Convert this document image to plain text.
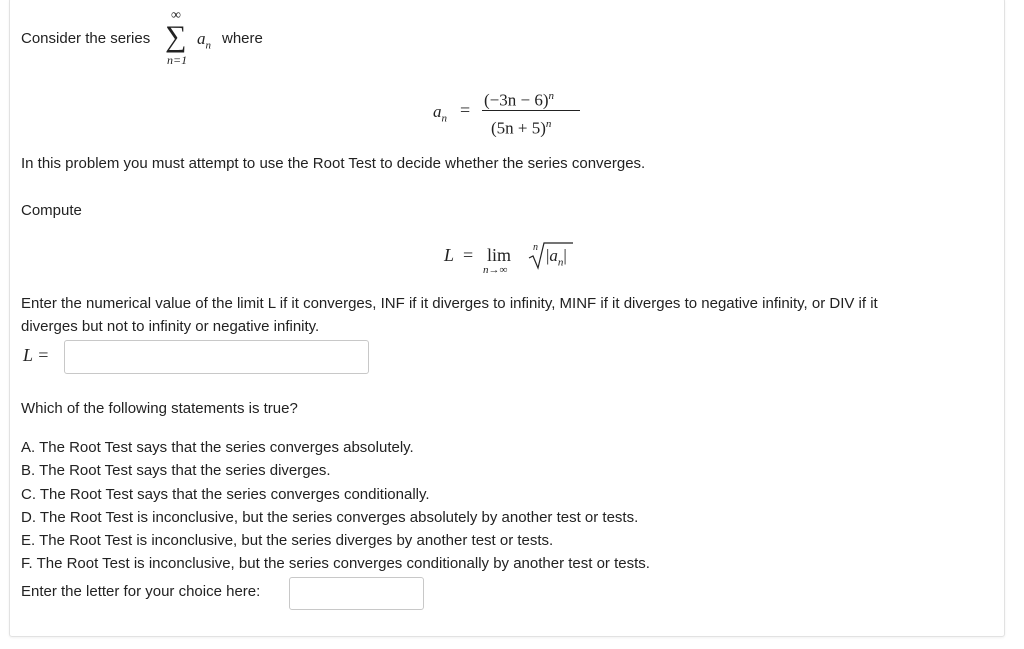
Consider the series
∞
∑
n=1
$a_n$ where
$a_n = (-3n - 6)^n$
$(5n + 5)^n$
In this problem you must attempt to use the Root Test to decide whether the series converges.
Compute
L = lim
n→∞
n $|a_n|$
Enter the numerical value of the limit L if it converges, INF if it diverges to infinity, MINF if it diverges to negative infinity, or DIV if it
diverges but not to infinity or negative infinity.
L =
Which of the following statements is true?
A. The Root Test says that the series converges absolutely.
B. The Root Test says that the series diverges.
C. The Root Test says that the series converges conditionally.
D. The Root Test is inconclusive, but the series converges absolutely by another test or tests.
E. The Root Test is inconclusive, but the series diverges by another test or tests.
F. The Root Test is inconclusive, but the series converges conditionally by another test or tests.
Enter the letter for your choice here:
